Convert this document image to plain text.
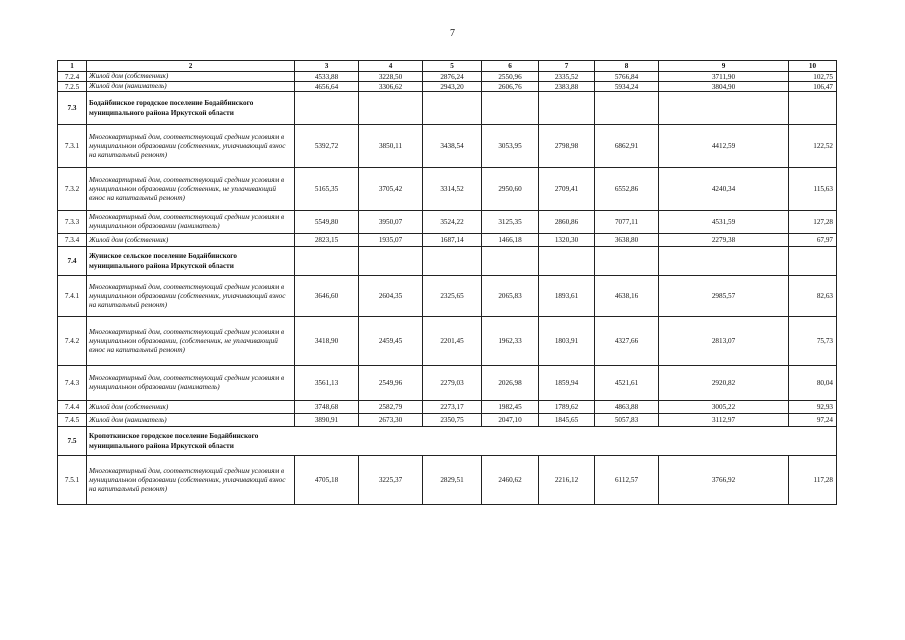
7
1	2	3	4	5	6	7	8	9	10
7.2.4	Жилой дом (собственник)	4533,88	3228,50	2876,24	2550,96	2335,52	5766,84	3711,90	102,75
7.2.5	Жилой дом (наниматель)	4656,64	3306,62	2943,20	2606,76	2383,88	5934,24	3804,90	106,47
7.3	Бодайбинское городское поселение Бодайбинского муниципального района Иркутской области								
7.3.1	Многоквартирный дом, соответствующий средним условиям в муниципальном образовании (собственник, уплачивающий взнос на капитальный ремонт)	5392,72	3850,11	3438,54	3053,95	2798,98	6862,91	4412,59	122,52
7.3.2	Многоквартирный дом, соответствующий средним условиям в муниципальном образовании (собственник, не уплачивающий взнос на капитальный ремонт)	5165,35	3705,42	3314,52	2950,60	2709,41	6552,86	4240,34	115,63
7.3.3	Многоквартирный дом, соответствующий средним условиям в муниципальном образовании (наниматель)	5549,80	3950,07	3524,22	3125,35	2860,86	7077,11	4531,59	127,28
7.3.4	Жилой дом (собственник)	2823,15	1935,07	1687,14	1466,18	1320,30	3638,80	2279,38	67,97
7.4	Жуинское сельское поселение Бодайбинского муниципального района Иркутской области								
7.4.1	Многоквартирный дом, соответствующий средним условиям в муниципальном образовании (собственник, уплачивающий взнос на капитальный ремонт)	3646,60	2604,35	2325,65	2065,83	1893,61	4638,16	2985,57	82,63
7.4.2	Многоквартирный дом, соответствующий средним условиям в муниципальном образовании, (собственник, не уплачивающий взнос на капитальный ремонт)	3418,90	2459,45	2201,45	1962,33	1803,91	4327,66	2813,07	75,73
7.4.3	Многоквартирный дом, соответствующий средним условиям в муниципальном образовании (наниматель)	3561,13	2549,96	2279,03	2026,98	1859,94	4521,61	2920,82	80,04
7.4.4	Жилой дом (собственник)	3748,68	2582,79	2273,17	1982,45	1789,62	4863,88	3005,22	92,93
7.4.5	Жилой дом (наниматель)	3890,91	2673,30	2350,75	2047,10	1845,65	5057,83	3112,97	97,24
7.5	Кропоткинское городское поселение Бодайбинского муниципального района Иркутской области								
7.5.1	Многоквартирный дом, соответствующий средним условиям в муниципальном образовании (собственник, уплачивающий взнос на капитальный ремонт)	4705,18	3225,37	2829,51	2460,62	2216,12	6112,57	3766,92	117,28
